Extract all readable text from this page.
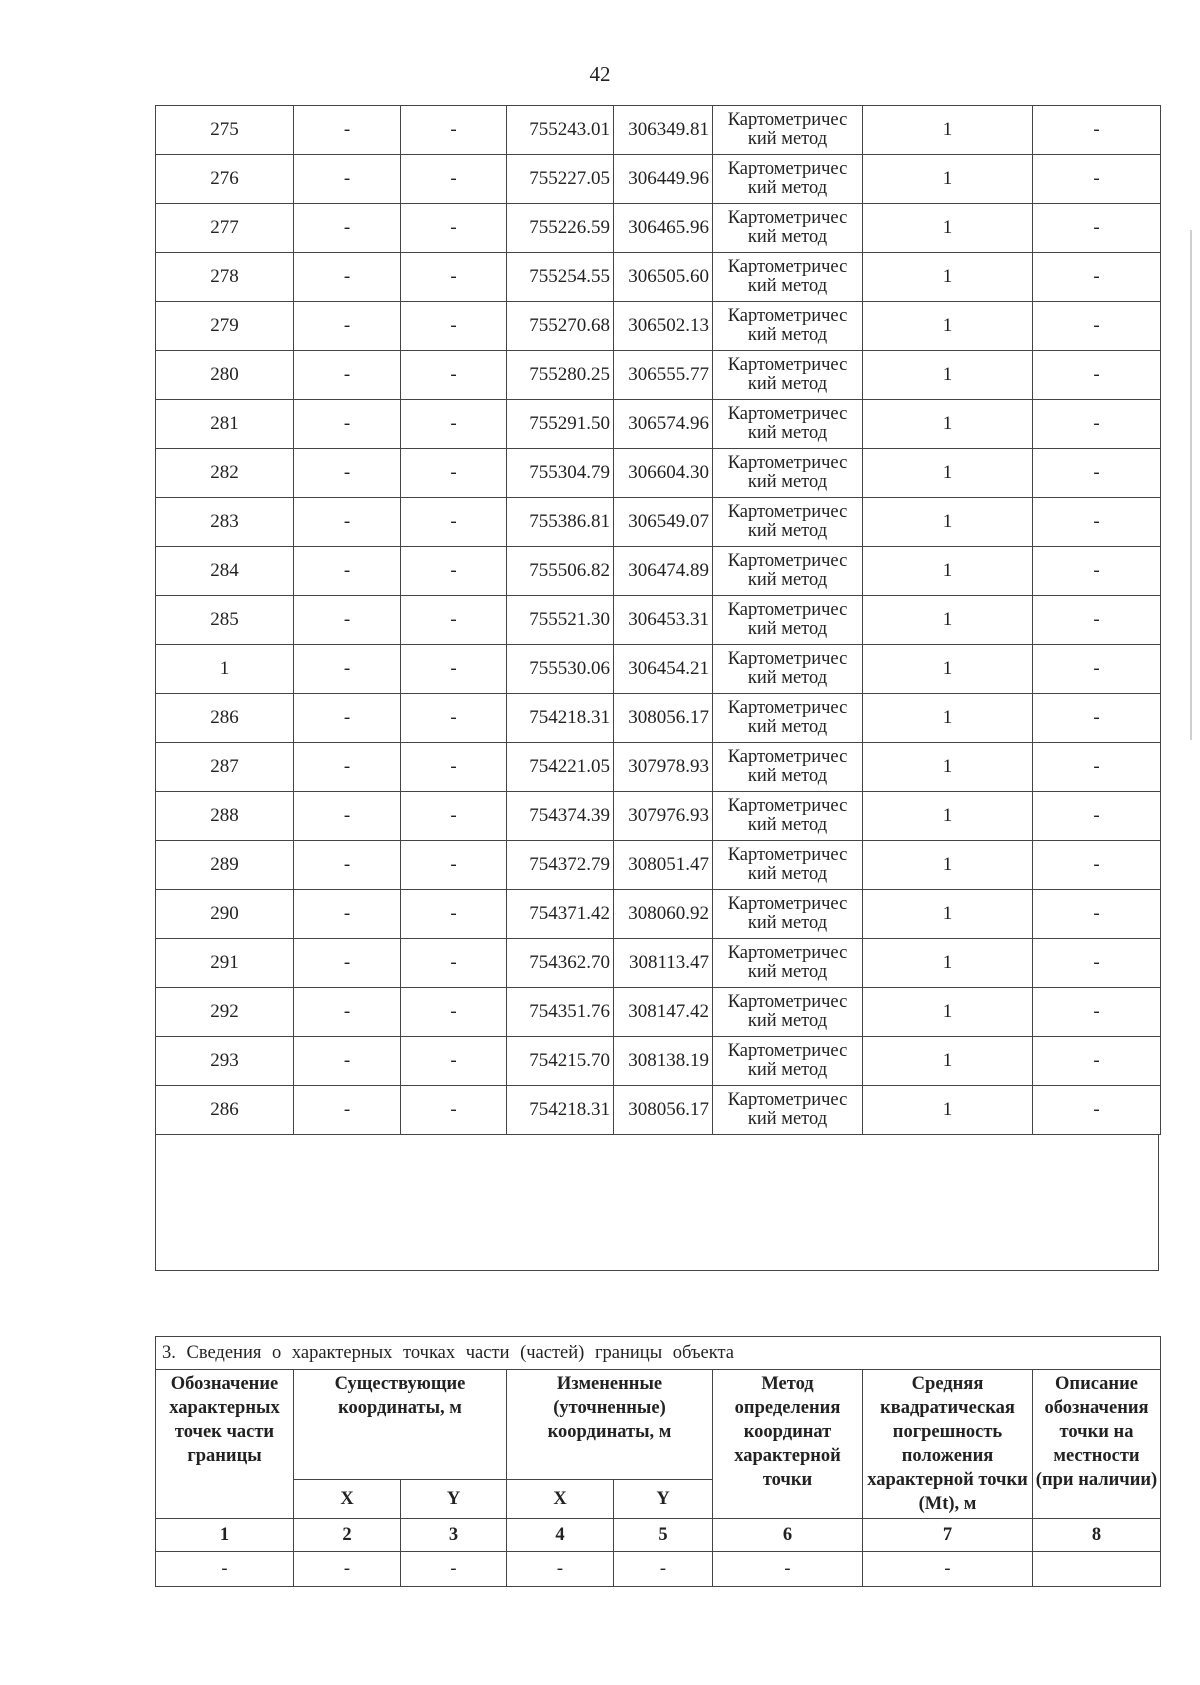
42
275	-	-	755243.01	306349.81	Картометричес
кий метод	1	-
276	-	-	755227.05	306449.96	Картометричес
кий метод	1	-
277	-	-	755226.59	306465.96	Картометричес
кий метод	1	-
278	-	-	755254.55	306505.60	Картометричес
кий метод	1	-
279	-	-	755270.68	306502.13	Картометричес
кий метод	1	-
280	-	-	755280.25	306555.77	Картометричес
кий метод	1	-
281	-	-	755291.50	306574.96	Картометричес
кий метод	1	-
282	-	-	755304.79	306604.30	Картометричес
кий метод	1	-
283	-	-	755386.81	306549.07	Картометричес
кий метод	1	-
284	-	-	755506.82	306474.89	Картометричес
кий метод	1	-
285	-	-	755521.30	306453.31	Картометричес
кий метод	1	-
1	-	-	755530.06	306454.21	Картометричес
кий метод	1	-
286	-	-	754218.31	308056.17	Картометричес
кий метод	1	-
287	-	-	754221.05	307978.93	Картометричес
кий метод	1	-
288	-	-	754374.39	307976.93	Картометричес
кий метод	1	-
289	-	-	754372.79	308051.47	Картометричес
кий метод	1	-
290	-	-	754371.42	308060.92	Картометричес
кий метод	1	-
291	-	-	754362.70	308113.47	Картометричес
кий метод	1	-
292	-	-	754351.76	308147.42	Картометричес
кий метод	1	-
293	-	-	754215.70	308138.19	Картометричес
кий метод	1	-
286	-	-	754218.31	308056.17	Картометричес
кий метод	1	-
3. Сведения о характерных точках части (частей) границы объекта							
Обозначение характерных точек части границы	Существующие координаты, м		Измененные (уточненные) координаты, м		Метод определения координат характерной точки	Средняя квадратическая погрешность положения характерной точки (Mt), м	Описание обозначения точки на местности (при наличии)
	X	Y	X	Y			
1	2	3	4	5	6	7	8
-	-	-	-	-	-	-	
